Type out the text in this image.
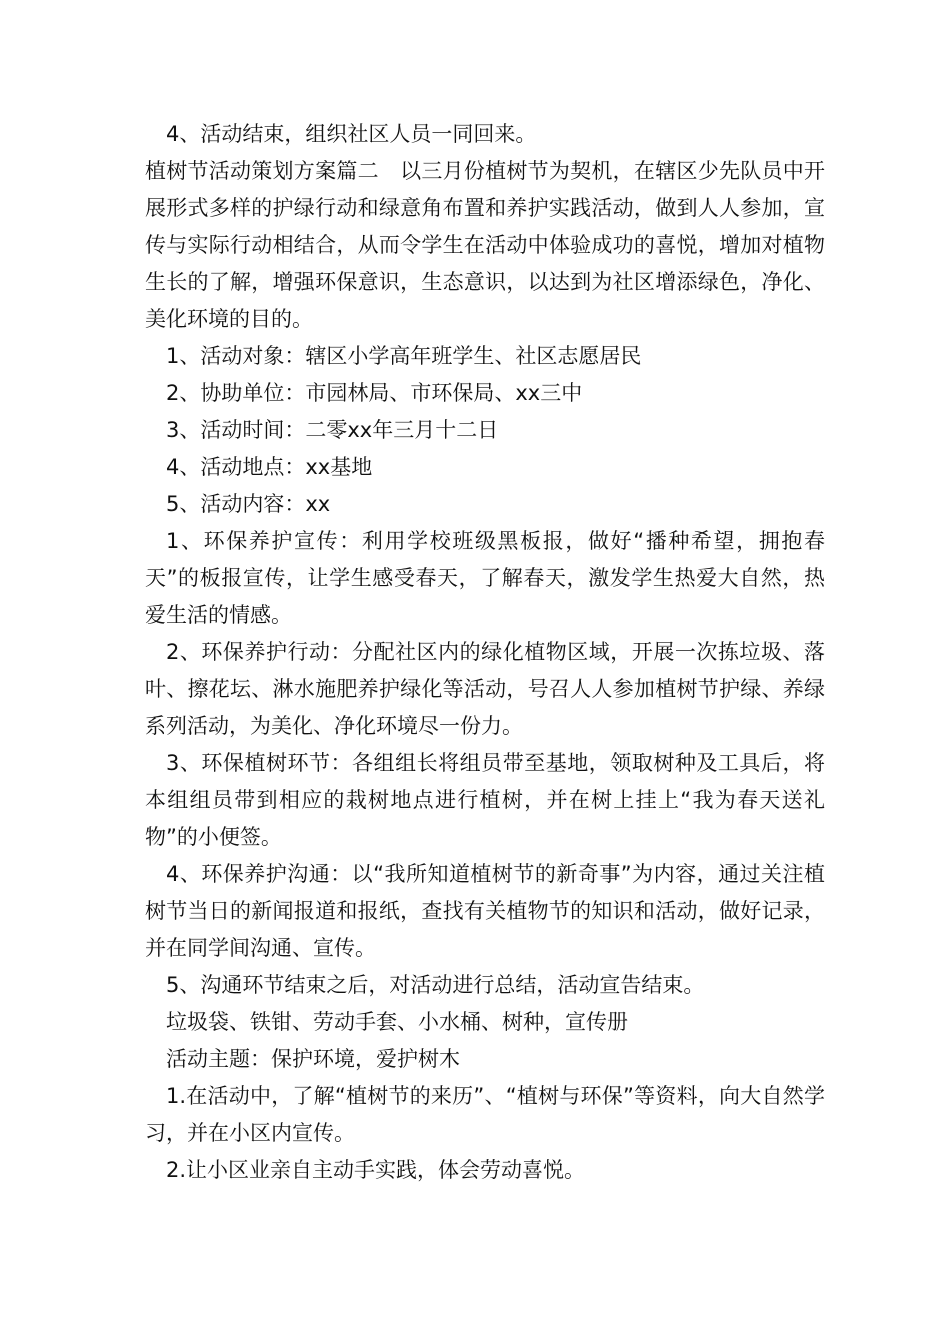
4、活动结束，组织社区人员一同回来。

植树节活动策划方案篇二　以三月份植树节为契机，在辖区少先队员中开展形式多样的护绿行动和绿意角布置和养护实践活动，做到人人参加，宣传与实际行动相结合，从而令学生在活动中体验成功的喜悦，增加对植物生长的了解，增强环保意识，生态意识，以达到为社区增添绿色，净化、美化环境的目的。

1、活动对象：辖区小学高年班学生、社区志愿居民

2、协助单位：市园林局、市环保局、xx三中

3、活动时间：二零xx年三月十二日

4、活动地点：xx基地

5、活动内容：xx

1、环保养护宣传：利用学校班级黑板报，做好“播种希望，拥抱春天”的板报宣传，让学生感受春天，了解春天，激发学生热爱大自然，热爱生活的情感。

2、环保养护行动：分配社区内的绿化植物区域，开展一次拣垃圾、落叶、擦花坛、淋水施肥养护绿化等活动，号召人人参加植树节护绿、养绿系列活动，为美化、净化环境尽一份力。

3、环保植树环节：各组组长将组员带至基地，领取树种及工具后，将本组组员带到相应的栽树地点进行植树，并在树上挂上“我为春天送礼物”的小便签。

4、环保养护沟通：以“我所知道植树节的新奇事”为内容，通过关注植树节当日的新闻报道和报纸，查找有关植物节的知识和活动，做好记录，并在同学间沟通、宣传。

5、沟通环节结束之后，对活动进行总结，活动宣告结束。

垃圾袋、铁钳、劳动手套、小水桶、树种，宣传册

活动主题：保护环境，爱护树木

1.在活动中，了解“植树节的来历”、“植树与环保”等资料，向大自然学习，并在小区内宣传。

2.让小区业亲自主动手实践，体会劳动喜悦。
